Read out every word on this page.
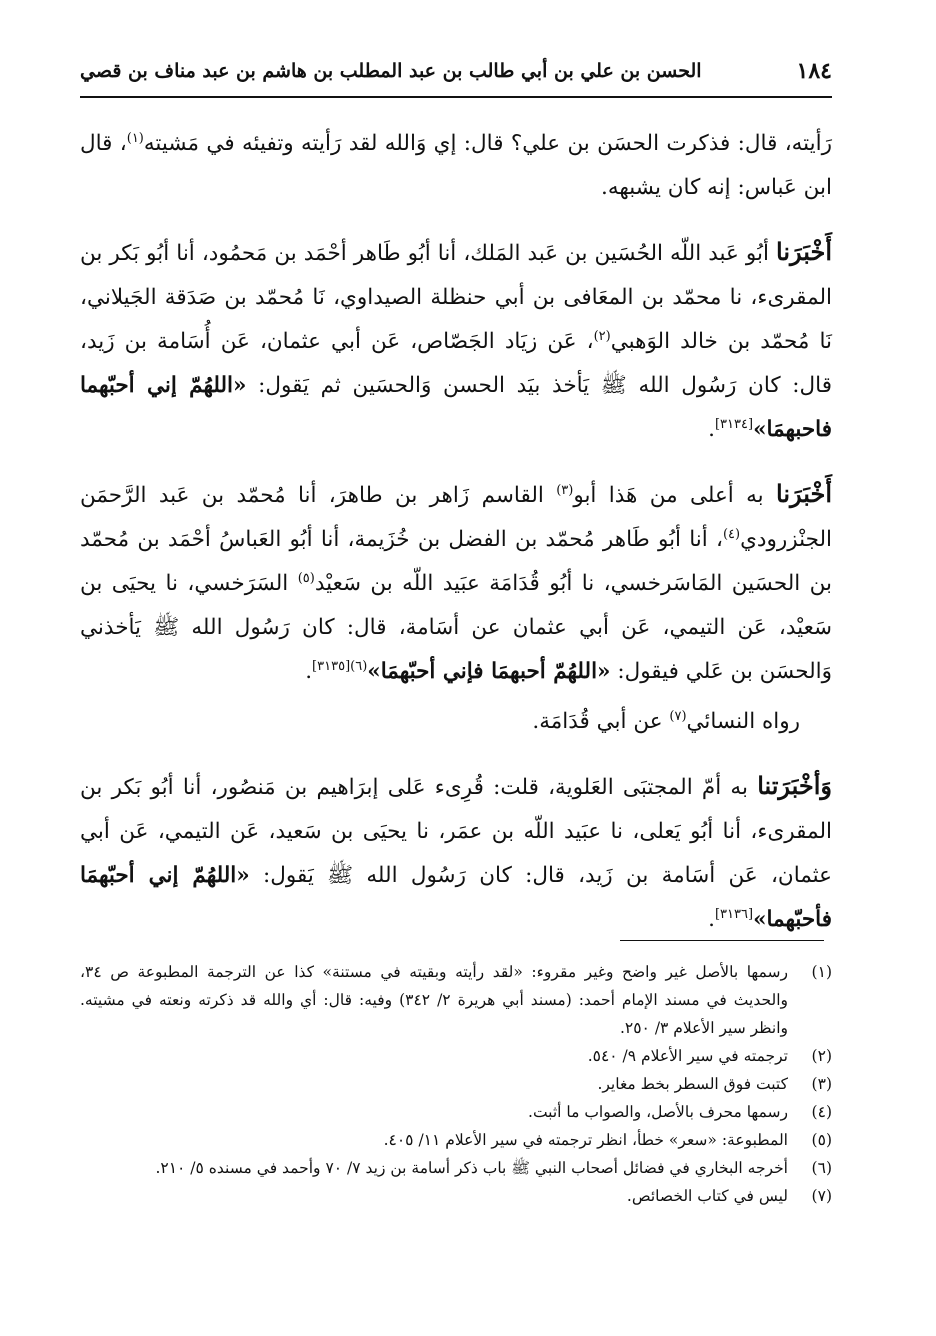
١٨٤
الحسن بن علي بن أبي طالب بن عبد المطلب بن هاشم بن عبد مناف بن قصي

رَأيته، قال: فذكرت الحسَن بن علي؟ قال: إي وَالله لقد رَأيته وتفيئه في مَشيته$^{(١)}$، قال ابن عَباس: إنه كان يشبهه.

أَخْبَرَنا أبُو عَبد اللّه الحُسَين بن عَبد المَلك، أنا أبُو طَاهر أحْمَد بن مَحمُود، أنا أبُو بَكر بن المقرىء، نا محمّد بن المعَافى بن أبي حنظلة الصيداوي، نَا مُحمّد بن صَدَقة الجَيلاني، نَا مُحمّد بن خالد الوَهبي$^{(٢)}$، عَن زيَاد الجَصّاص، عَن أبي عثمان، عَن أُسَامة بن زَيد، قال: كان رَسُول الله ﷺ يَأخذ بيَد الحسن وَالحسَين ثم يَقول: «اللهُمّ إني أحبّهما فاحبهمَا»[٣١٣٤].

أَخْبَرَنا به أعلى من هَذا أبو$^{(٣)}$ القاسم زَاهر بن طاهرَ، أنا مُحمّد بن عَبد الرَّحمَن الجنْزرودي$^{(٤)}$، أنا أبُو طَاهر مُحمّد بن الفضل بن خُزَيمة، أنا أبُو العَباسُ أحْمَد بن مُحمّد بن الحسَين المَاسَرخسي، نا أبُو قُدَامَة عبَيد اللّه بن سَعيْد$^{(٥)}$ السَرَخسي، نا يحيَى بن سَعيْد، عَن التيمي، عَن أبي عثمان عن أسَامة، قال: كان رَسُول الله ﷺ يَأخذني وَالحسَن بن عَلي فيقول: «اللهُمّ أحبهمَا فإني أحبّهمَا»$^{(٦)[٣١٣٥]}$.

رواه النسائي$^{(٧)}$ عن أبي قُدَامَة.

وَأخْبَرَتنا به أمّ المجتبَى العَلوية، قلت: قُرِىء عَلى إبرَاهيم بن مَنصُور، أنا أبُو بَكر بن المقرىء، أنا أبُو يَعلى، نا عبَيد اللّه بن عمَر، نا يحيَى بن سَعيد، عَن التيمي، عَن أبي عثمان، عَن أسَامة بن زَيد، قال: كان رَسُول الله ﷺ يَقول: «اللهُمّ إني أحبّهمَا فأحبّهما»[٣١٣٦].

(١)
رسمها بالأصل غير واضح وغير مقروء: «لقد رأيته وبقيته في مستنة» كذا عن الترجمة المطبوعة ص ٣٤، والحديث في مسند الإمام أحمد: (مسند أبي هريرة ٢/ ٣٤٢) وفيه: قال: أي والله قد ذكرته ونعته في مشيته. وانظر سير الأعلام ٣/ ٢٥٠.

(٢)
ترجمته في سير الأعلام ٩/ ٥٤٠.

(٣)
كتبت فوق السطر بخط مغاير.

(٤)
رسمها محرف بالأصل، والصواب ما أثبت.

(٥)
المطبوعة: «سعر» خطأ، انظر ترجمته في سير الأعلام ١١/ ٤٠٥.

(٦)
أخرجه البخاري في فضائل أصحاب النبي ﷺ باب ذكر أسامة بن زيد ٧/ ٧٠ وأحمد في مسنده ٥/ ٢١٠.

(٧)
ليس في كتاب الخصائص.
